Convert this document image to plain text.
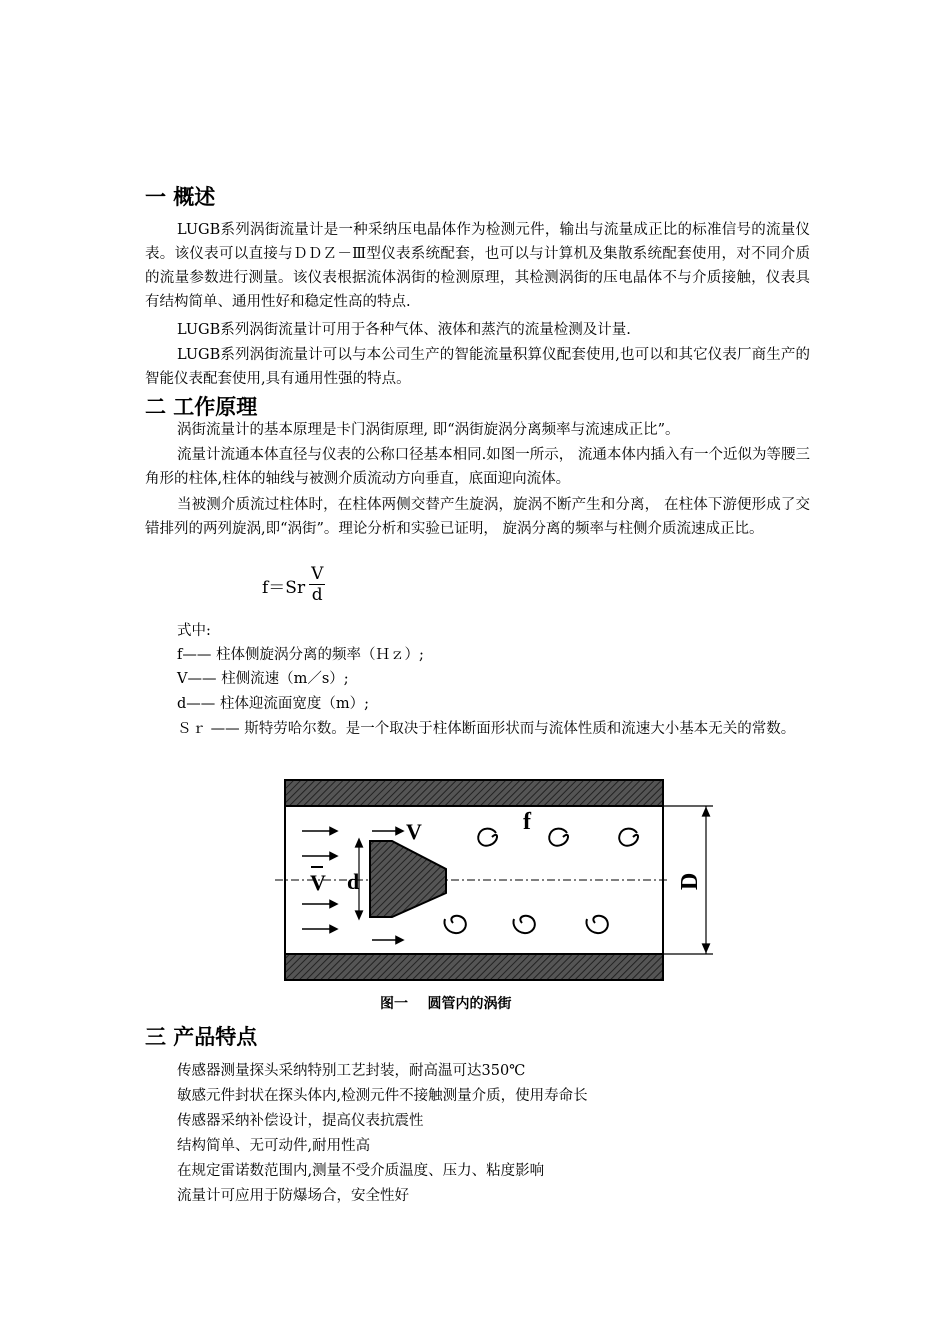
一 概述
LUGB系列涡街流量计是一种采纳压电晶体作为检测元件，输出与流量成正比的标准信号的流量仪表。该仪表可以直接与ＤＤＺ－Ⅲ型仪表系统配套，也可以与计算机及集散系统配套使用，对不同介质的流量参数进行测量。该仪表根据流体涡街的检测原理，其检测涡街的压电晶体不与介质接触，仪表具有结构简单、通用性好和稳定性高的特点.
LUGB系列涡街流量计可用于各种气体、液体和蒸汽的流量检测及计量.
LUGB系列涡街流量计可以与本公司生产的智能流量积算仪配套使用,也可以和其它仪表厂商生产的智能仪表配套使用,具有通用性强的特点。
二 工作原理
涡街流量计的基本原理是卡门涡街原理, 即“涡街旋涡分离频率与流速成正比”。
流量计流通本体直径与仪表的公称口径基本相同.如图一所示， 流通本体内插入有一个近似为等腰三角形的柱体,柱体的轴线与被测介质流动方向垂直，底面迎向流体。
当被测介质流过柱体时，在柱体两侧交替产生旋涡，旋涡不断产生和分离， 在柱体下游便形成了交错排列的两列旋涡,即“涡街”。理论分析和实验已证明， 旋涡分离的频率与柱侧介质流速成正比。
$f=Sr \frac{V}{d}$
式中:
f—— 柱体侧旋涡分离的频率（Ｈｚ）;
V—— 柱侧流速（m／s）;
d—— 柱体迎流面宽度（m）;
Ｓｒ —— 斯特劳哈尔数。是一个取决于柱体断面形状而与流体性质和流速大小基本无关的常数。
V	f
V d	D
图一    圆管内的涡街
三 产品特点
传感器测量探头采纳特别工艺封装，耐高温可达350℃
敏感元件封状在探头体内,检测元件不接触测量介质，使用寿命长
传感器采纳补偿设计，提高仪表抗震性
结构简单、无可动件,耐用性高
在规定雷诺数范围内,测量不受介质温度、压力、粘度影响
流量计可应用于防爆场合，安全性好
